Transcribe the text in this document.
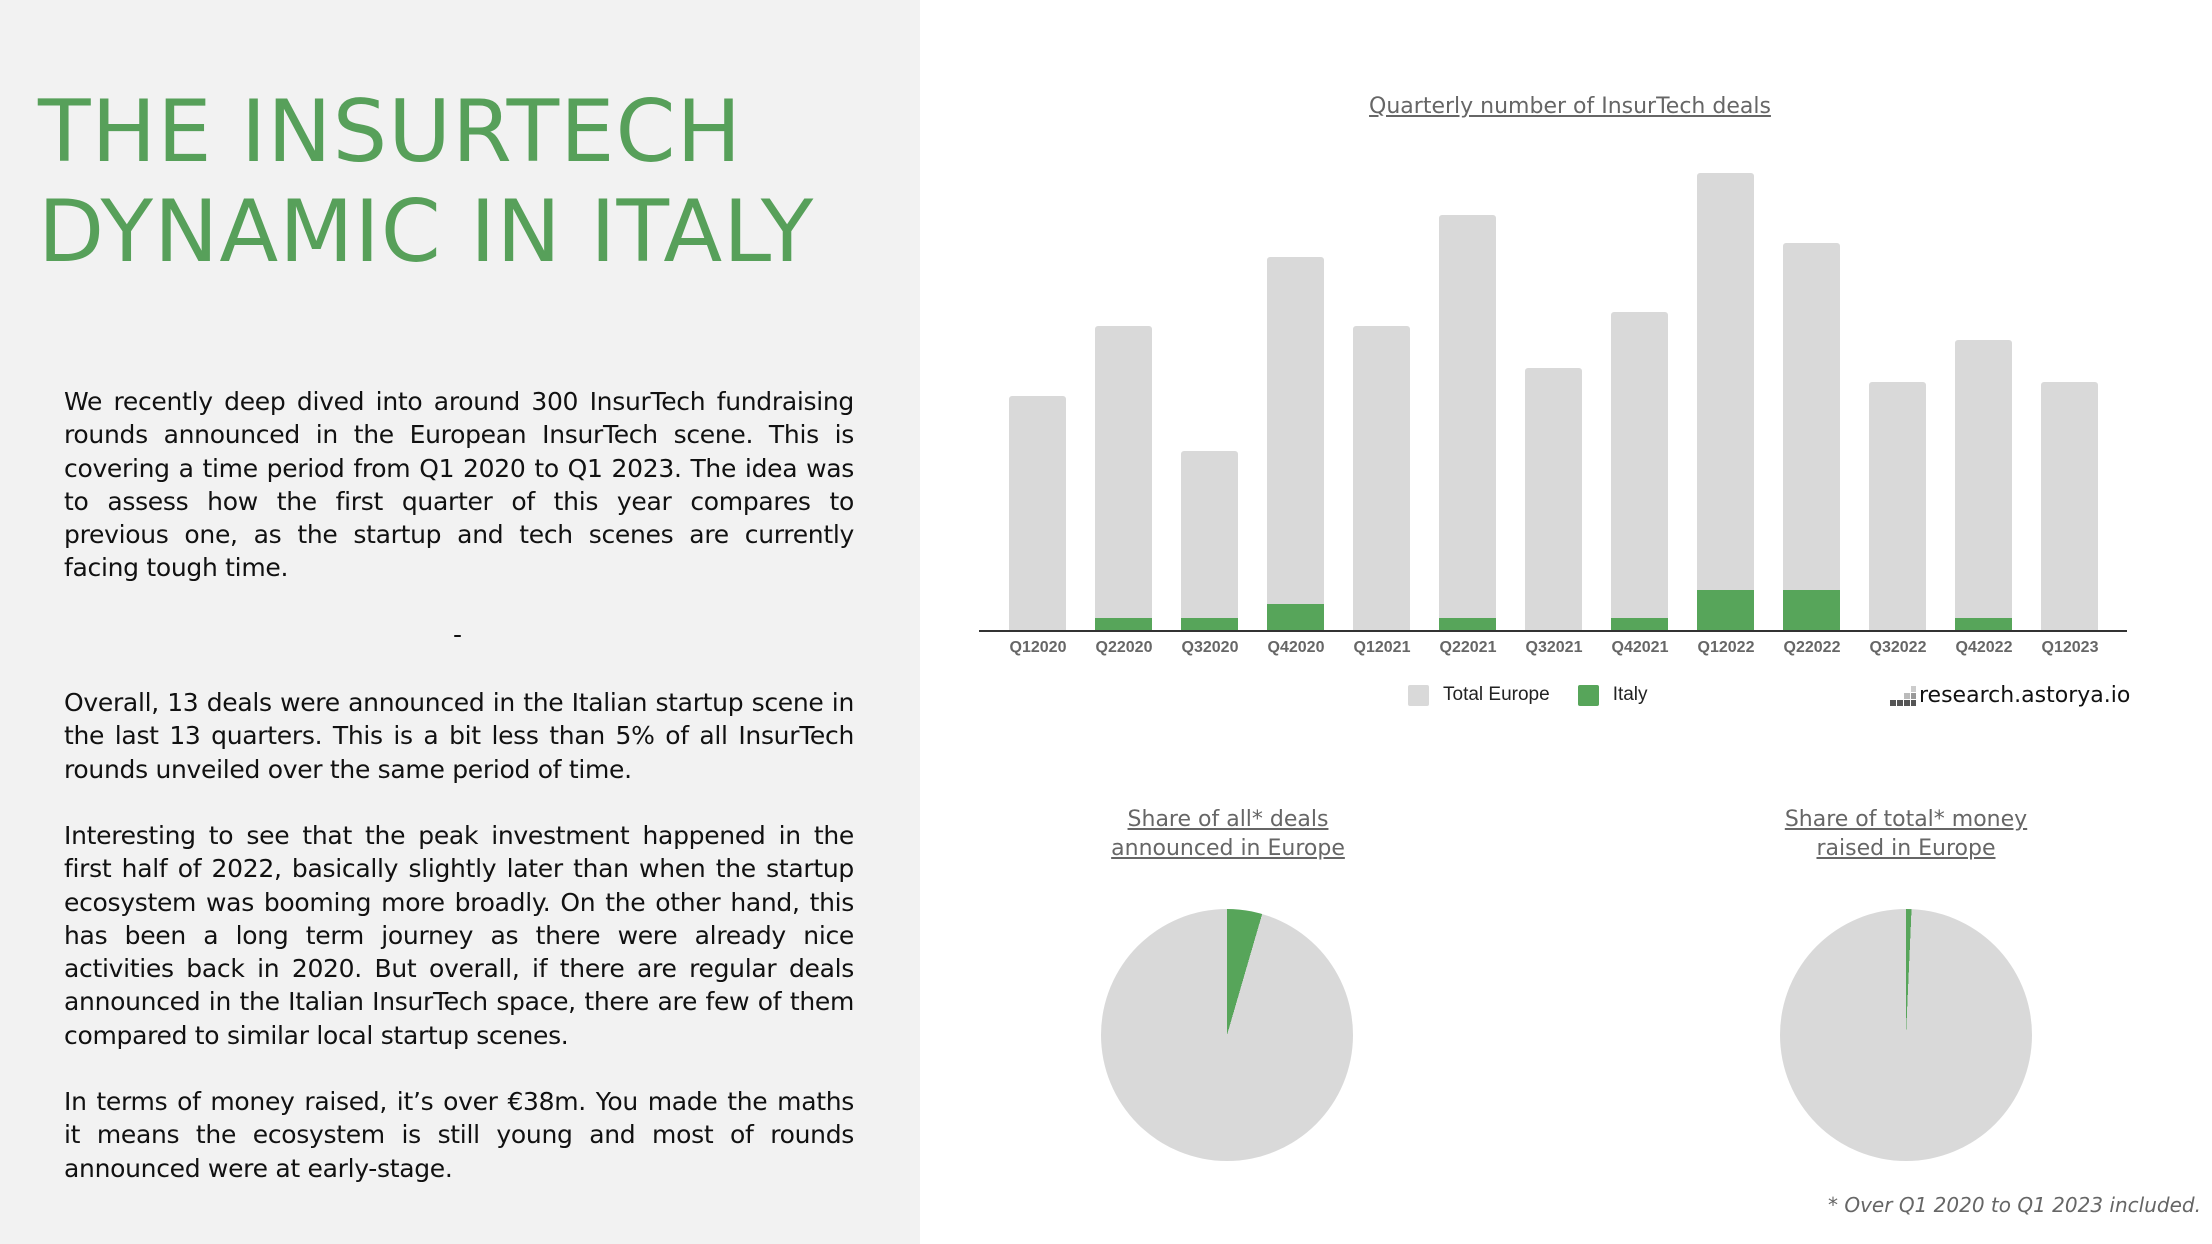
THE INSURTECH
DYNAMIC IN ITALY

We recently deep dived into around 300 InsurTech fundraising rounds announced in the European InsurTech scene. This is covering a time period from Q1 2020 to Q1 2023. The idea was to assess how the first quarter of this year compares to previous one, as the startup and tech scenes are currently facing tough time.

-

Overall, 13 deals were announced in the Italian startup scene in the last 13 quarters. This is a bit less than 5% of all InsurTech rounds unveiled over the same period of time.

Interesting to see that the peak investment happened in the first half of 2022, basically slightly later than when the startup ecosystem was booming more broadly. On the other hand, this has been a long term journey as there were already nice activities back in 2020. But overall, if there are regular deals announced in the Italian InsurTech space, there are few of them compared to similar local startup scenes.

In terms of money raised, it’s over €38m. You made the maths it means the ecosystem is still young and most of rounds announced were at early-stage.

Quarterly number of InsurTech deals
Q12020	Q22020	Q32020	Q42020	Q12021	Q22021	Q32021	Q42021	Q12022	Q22022	Q32022	Q42022	Q12023
Total Europe	Italy	research.astorya.io
Share of all* deals
announced in Europe
Share of total* money
raised in Europe
* Over Q1 2020 to Q1 2023 included.
